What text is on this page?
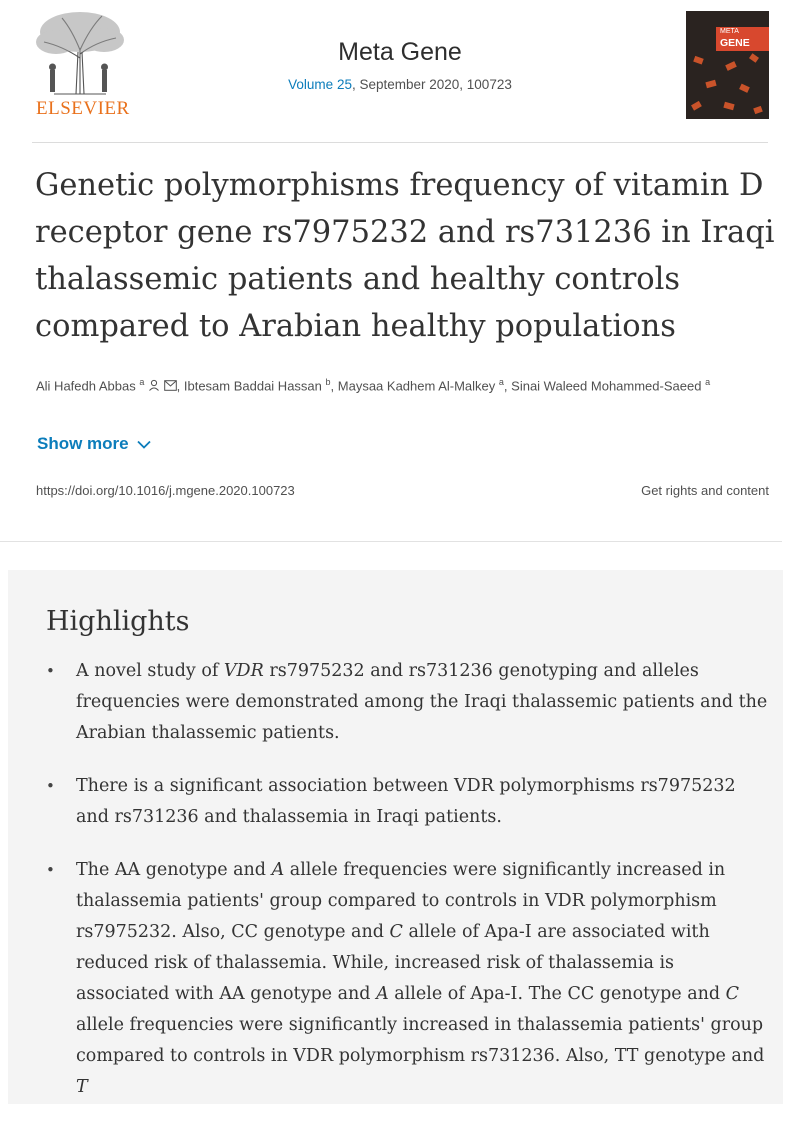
ELSEVIER
Meta Gene
Volume 25, September 2020, 100723
META
GENE
Genetic polymorphisms frequency of vitamin D receptor gene rs7975232 and rs731236 in Iraqi thalassemic patients and healthy controls compared to Arabian healthy populations
Ali Hafedh Abbas $^a$ , Ibtesam Baddai Hassan $^b$, Maysaa Kadhem Al-Malkey $^a$, Sinai Waleed Mohammed-Saeed $^a$
Show more
https://doi.org/10.1016/j.mgene.2020.100723	Get rights and content
Highlights
• A novel study of VDR rs7975232 and rs731236 genotyping and alleles frequencies were demonstrated among the Iraqi thalassemic patients and the Arabian thalassemic patients.
• There is a significant association between VDR polymorphisms rs7975232 and rs731236 and thalassemia in Iraqi patients.
• The AA genotype and A allele frequencies were significantly increased in thalassemia patients' group compared to controls in VDR polymorphism rs7975232. Also, CC genotype and C allele of Apa-I are associated with reduced risk of thalassemia. While, increased risk of thalassemia is associated with AA genotype and A allele of Apa-I. The CC genotype and C allele frequencies were significantly increased in thalassemia patients' group compared to controls in VDR polymorphism rs731236. Also, TT genotype and T
